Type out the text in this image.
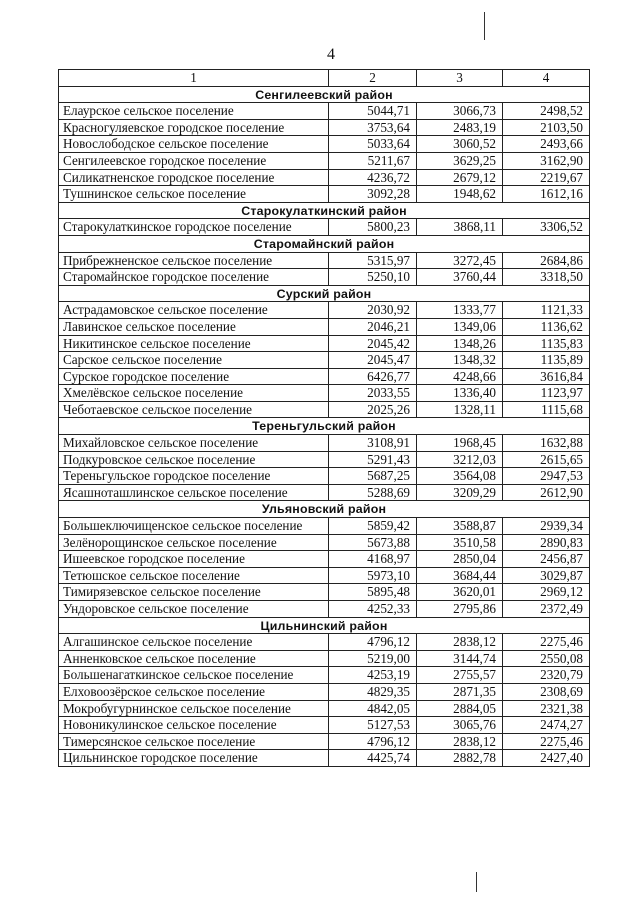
4
1	2	3	4
Сенгилеевский район			
Елаурское сельское поселение	5044,71	3066,73	2498,52
Красногуляевское городское поселение	3753,64	2483,19	2103,50
Новослободское сельское поселение	5033,64	3060,52	2493,66
Сенгилеевское городское поселение	5211,67	3629,25	3162,90
Силикатненское городское поселение	4236,72	2679,12	2219,67
Тушнинское сельское поселение	3092,28	1948,62	1612,16
Старокулаткинский район			
Старокулаткинское городское поселение	5800,23	3868,11	3306,52
Старомайнский район			
Прибрежненское сельское поселение	5315,97	3272,45	2684,86
Старомайнское городское поселение	5250,10	3760,44	3318,50
Сурский район			
Астрадамовское сельское поселение	2030,92	1333,77	1121,33
Лавинское сельское поселение	2046,21	1349,06	1136,62
Никитинское сельское поселение	2045,42	1348,26	1135,83
Сарское сельское поселение	2045,47	1348,32	1135,89
Сурское городское поселение	6426,77	4248,66	3616,84
Хмелёвское сельское поселение	2033,55	1336,40	1123,97
Чеботаевское сельское поселение	2025,26	1328,11	1115,68
Тереньгульский район			
Михайловское сельское поселение	3108,91	1968,45	1632,88
Подкуровское сельское поселение	5291,43	3212,03	2615,65
Тереньгульское городское поселение	5687,25	3564,08	2947,53
Ясашноташлинское сельское поселение	5288,69	3209,29	2612,90
Ульяновский район			
Большеключищенское сельское поселение	5859,42	3588,87	2939,34
Зелёнорощинское сельское поселение	5673,88	3510,58	2890,83
Ишеевское городское поселение	4168,97	2850,04	2456,87
Тетюшское сельское поселение	5973,10	3684,44	3029,87
Тимирязевское сельское поселение	5895,48	3620,01	2969,12
Ундоровское сельское поселение	4252,33	2795,86	2372,49
Цильнинский район			
Алгашинское сельское поселение	4796,12	2838,12	2275,46
Анненковское сельское поселение	5219,00	3144,74	2550,08
Большенагаткинское сельское поселение	4253,19	2755,57	2320,79
Елховоозёрское сельское поселение	4829,35	2871,35	2308,69
Мокробугурнинское сельское поселение	4842,05	2884,05	2321,38
Новоникулинское сельское поселение	5127,53	3065,76	2474,27
Тимерсянское сельское поселение	4796,12	2838,12	2275,46
Цильнинское городское поселение	4425,74	2882,78	2427,40
